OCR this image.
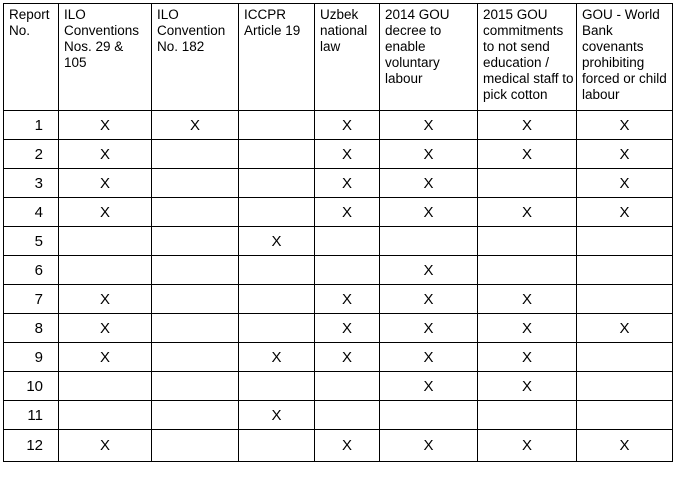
Report No.	ILO Conventions Nos. 29 & 105	ILO Convention No. 182	ICCPR Article 19	Uzbek national law	2014 GOU decree to enable voluntary labour	2015 GOU commitments to not send education / medical staff to pick cotton	GOU - World Bank covenants prohibiting forced or child labour
1	X	X		X	X	X	X
2	X			X	X	X	X
3	X			X	X		X
4	X			X	X	X	X
5			X				
6					X		
7	X			X	X	X	
8	X			X	X	X	X
9	X		X	X	X	X	
10					X	X	
11			X				
12	X			X	X	X	X
